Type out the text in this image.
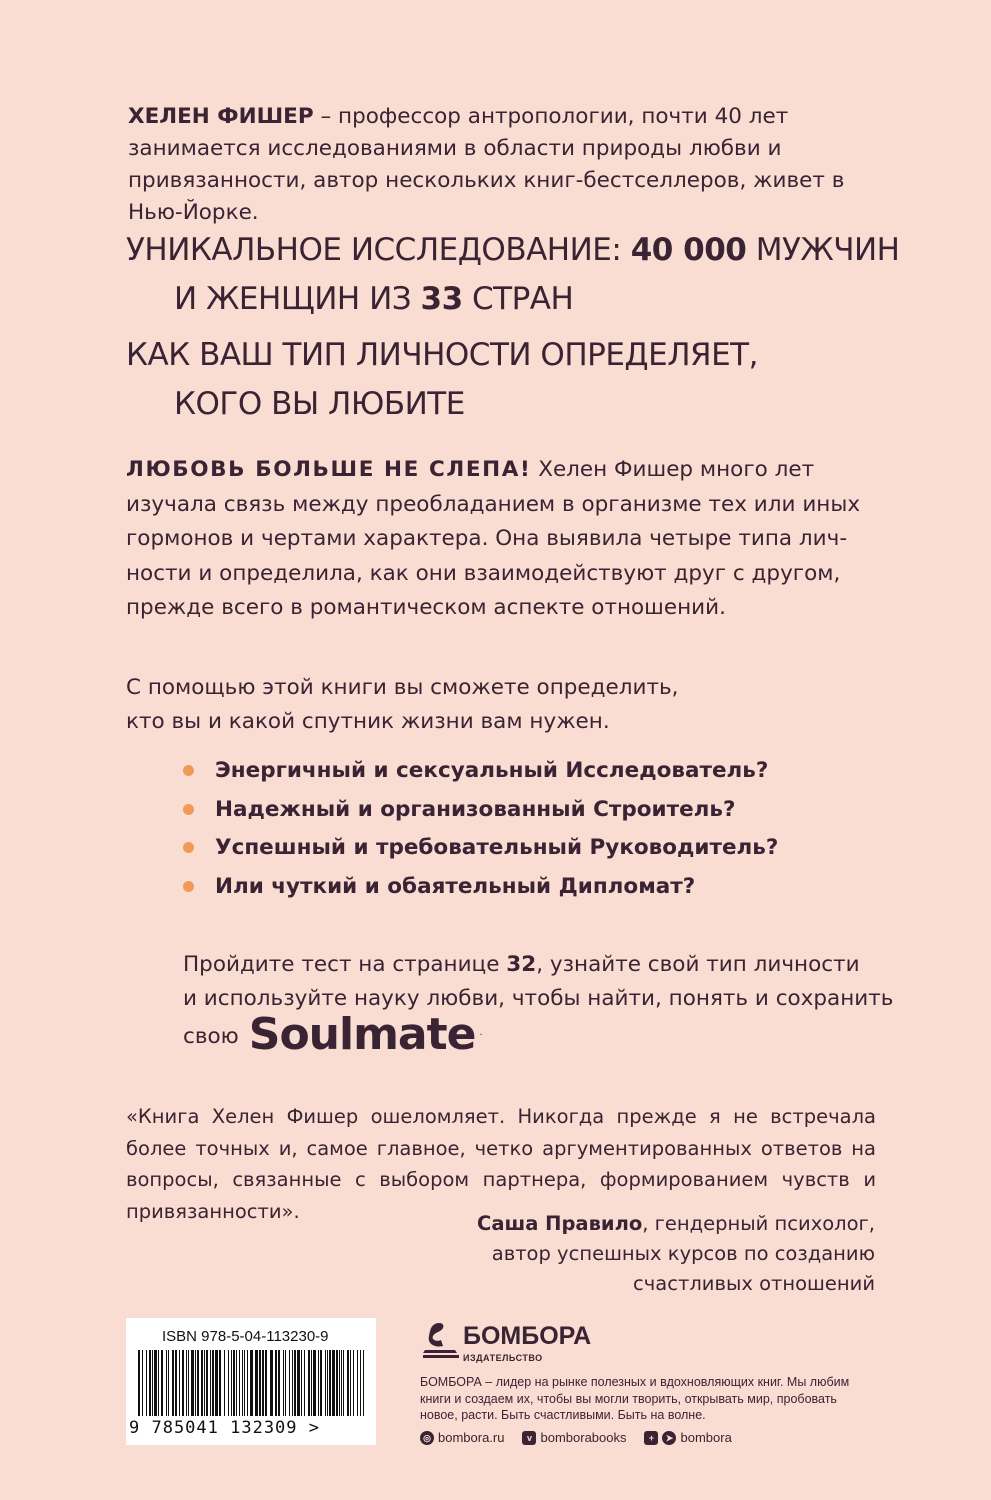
ХЕЛЕН ФИШЕР – профессор антропологии, почти 40 лет занимается исследованиями в области природы любви и привязанности, автор нескольких книг-бестселлеров, живет в Нью-Йорке.
УНИКАЛЬНОЕ ИССЛЕДОВАНИЕ: 40 000 МУЖЧИН
И ЖЕНЩИН ИЗ 33 СТРАН
КАК ВАШ ТИП ЛИЧНОСТИ ОПРЕДЕЛЯЕТ,
КОГО ВЫ ЛЮБИТЕ
ЛЮБОВЬ БОЛЬШЕ НЕ СЛЕПА! Хелен Фишер много лет
изучала связь между преобладанием в организме тех или иных
гормонов и чертами характера. Она выявила четыре типа лич-
ности и определила, как они взаимодействуют друг с другом,
прежде всего в романтическом аспекте отношений.
С помощью этой книги вы сможете определить,
кто вы и какой спутник жизни вам нужен.
Энергичный и сексуальный Исследователь?
Надежный и организованный Строитель?
Успешный и требовательный Руководитель?
Или чуткий и обаятельный Дипломат?
Пройдите тест на странице 32, узнайте свой тип личности
и используйте науку любви, чтобы найти, понять и сохранить
свою Soulmate .
«Книга Хелен Фишер ошеломляет. Никогда прежде я не встречала более точных и, самое главное, четко аргументированных ответов на вопросы, связанные с выбором партнера, формированием чувств и привязанности».
Саша Правило, гендерный психолог,
автор успешных курсов по созданию
счастливых отношений
ISBN 978-5-04-113230-9
9 785041 132309 >
БОМБОРА
ИЗДАТЕЛЬСТВО
БОМБОРА – лидер на рынке полезных и вдохновляющих книг. Мы любим книги и создаем их, чтобы вы могли творить, открывать мир, пробовать новое, расти. Быть счастливыми. Быть на волне.
◎ bombora.ru	v bomborabooks	+	➤ bombora
